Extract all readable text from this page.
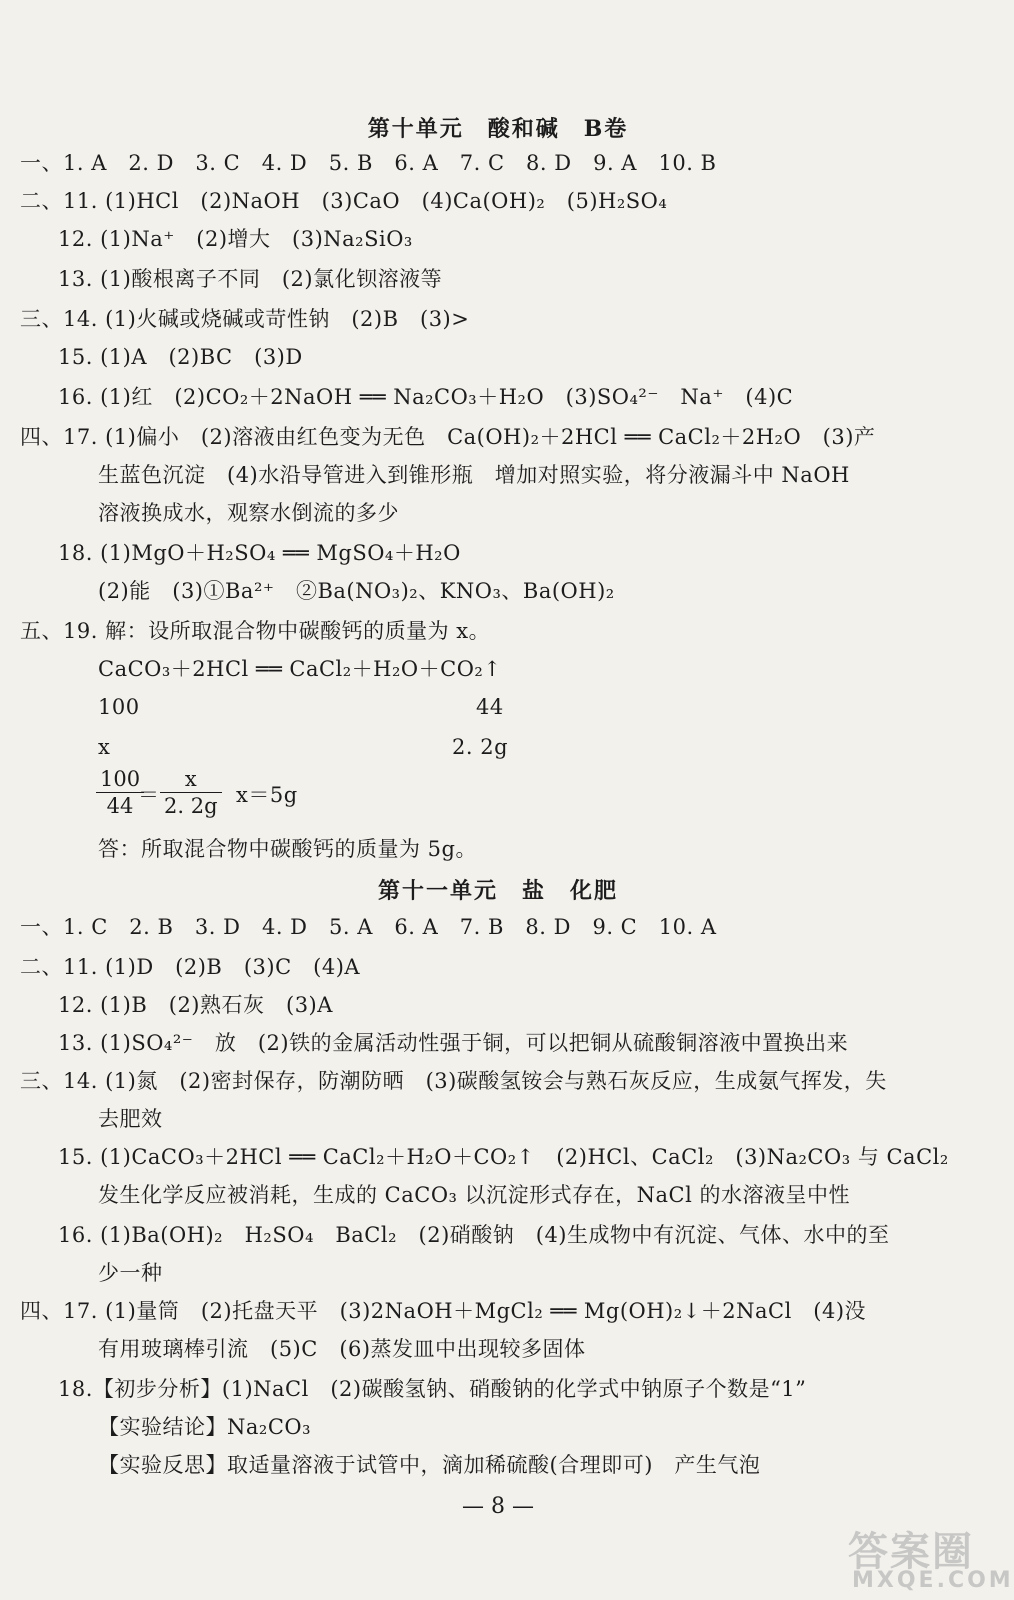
第十单元　酸和碱　B卷
一、1. A　2. D　3. C　4. D　5. B　6. A　7. C　8. D　9. A　10. B
二、11. (1)HCl　(2)NaOH　(3)CaO　(4)Ca(OH)₂　(5)H₂SO₄
12. (1)Na⁺　(2)增大　(3)Na₂SiO₃
13. (1)酸根离子不同　(2)氯化钡溶液等
三、14. (1)火碱或烧碱或苛性钠　(2)B　(3)>
15. (1)A　(2)BC　(3)D
16. (1)红　(2)CO₂＋2NaOH ══ Na₂CO₃＋H₂O　(3)SO₄²⁻　Na⁺　(4)C
四、17. (1)偏小　(2)溶液由红色变为无色　Ca(OH)₂＋2HCl ══ CaCl₂＋2H₂O　(3)产
生蓝色沉淀　(4)水沿导管进入到锥形瓶　增加对照实验，将分液漏斗中 NaOH
溶液换成水，观察水倒流的多少
18. (1)MgO＋H₂SO₄ ══ MgSO₄＋H₂O
(2)能　(3)①Ba²⁺　②Ba(NO₃)₂、KNO₃、Ba(OH)₂
五、19. 解：设所取混合物中碳酸钙的质量为 x。
CaCO₃＋2HCl ══ CaCl₂＋H₂O＋CO₂↑
100	44
x	2. 2g
$\frac{100}{44}$
＝ $\frac{x}{2. 2g} x=5g$
答：所取混合物中碳酸钙的质量为 5g。
第十一单元　盐　化肥
一、1. C　2. B　3. D　4. D　5. A　6. A　7. B　8. D　9. C　10. A
二、11. (1)D　(2)B　(3)C　(4)A
12. (1)B　(2)熟石灰　(3)A
13. (1)SO₄²⁻　放　(2)铁的金属活动性强于铜，可以把铜从硫酸铜溶液中置换出来
三、14. (1)氮　(2)密封保存，防潮防晒　(3)碳酸氢铵会与熟石灰反应，生成氨气挥发，失
去肥效
15. (1)CaCO₃＋2HCl ══ CaCl₂＋H₂O＋CO₂↑　(2)HCl、CaCl₂　(3)Na₂CO₃ 与 CaCl₂
发生化学反应被消耗，生成的 CaCO₃ 以沉淀形式存在，NaCl 的水溶液呈中性
16. (1)Ba(OH)₂　H₂SO₄　BaCl₂　(2)硝酸钠　(4)生成物中有沉淀、气体、水中的至
少一种
四、17. (1)量筒　(2)托盘天平　(3)2NaOH＋MgCl₂ ══ Mg(OH)₂↓＋2NaCl　(4)没
有用玻璃棒引流　(5)C　(6)蒸发皿中出现较多固体
18.【初步分析】(1)NaCl　(2)碳酸氢钠、硝酸钠的化学式中钠原子个数是“1”
【实验结论】Na₂CO₃
【实验反思】取适量溶液于试管中，滴加稀硫酸(合理即可)　产生气泡
— 8 —
答案圈
MXQE.COM
